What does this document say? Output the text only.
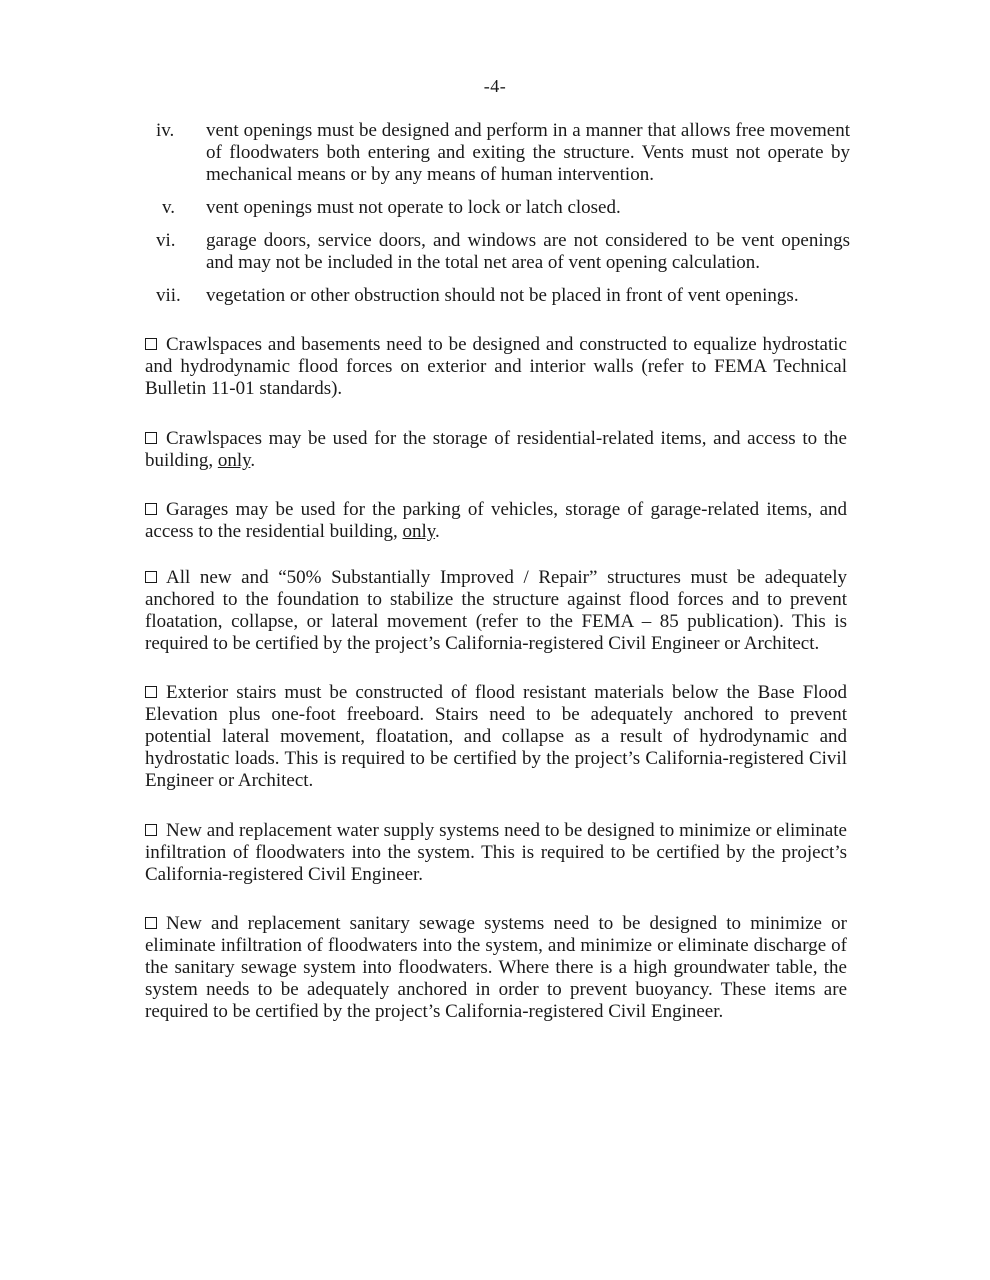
-4-
iv.	vent openings must be designed and perform in a manner that allows free movement of floodwaters both entering and exiting the structure. Vents must not operate by mechanical means or by any means of human intervention.
v.	vent openings must not operate to lock or latch closed.
vi.	garage doors, service doors, and windows are not considered to be vent openings and may not be included in the total net area of vent opening calculation.
vii.	vegetation or other obstruction should not be placed in front of vent openings.

Crawlspaces and basements need to be designed and constructed to equalize hydrostatic and hydrodynamic flood forces on exterior and interior walls (refer to FEMA Technical Bulletin 11-01 standards).

Crawlspaces may be used for the storage of residential-related items, and access to the building, only.

Garages may be used for the parking of vehicles, storage of garage-related items, and access to the residential building, only.

All new and “50% Substantially Improved / Repair” structures must be adequately anchored to the foundation to stabilize the structure against flood forces and to prevent floatation, collapse, or lateral movement (refer to the FEMA – 85 publication). This is required to be certified by the project’s California-registered Civil Engineer or Architect.

Exterior stairs must be constructed of flood resistant materials below the Base Flood Elevation plus one-foot freeboard. Stairs need to be adequately anchored to prevent potential lateral movement, floatation, and collapse as a result of hydrodynamic and hydrostatic loads. This is required to be certified by the project’s California-registered Civil Engineer or Architect.

New and replacement water supply systems need to be designed to minimize or eliminate infiltration of floodwaters into the system. This is required to be certified by the project’s California-registered Civil Engineer.

New and replacement sanitary sewage systems need to be designed to minimize or eliminate infiltration of floodwaters into the system, and minimize or eliminate discharge of the sanitary sewage system into floodwaters. Where there is a high groundwater table, the system needs to be adequately anchored in order to prevent buoyancy. These items are required to be certified by the project’s California-registered Civil Engineer.
